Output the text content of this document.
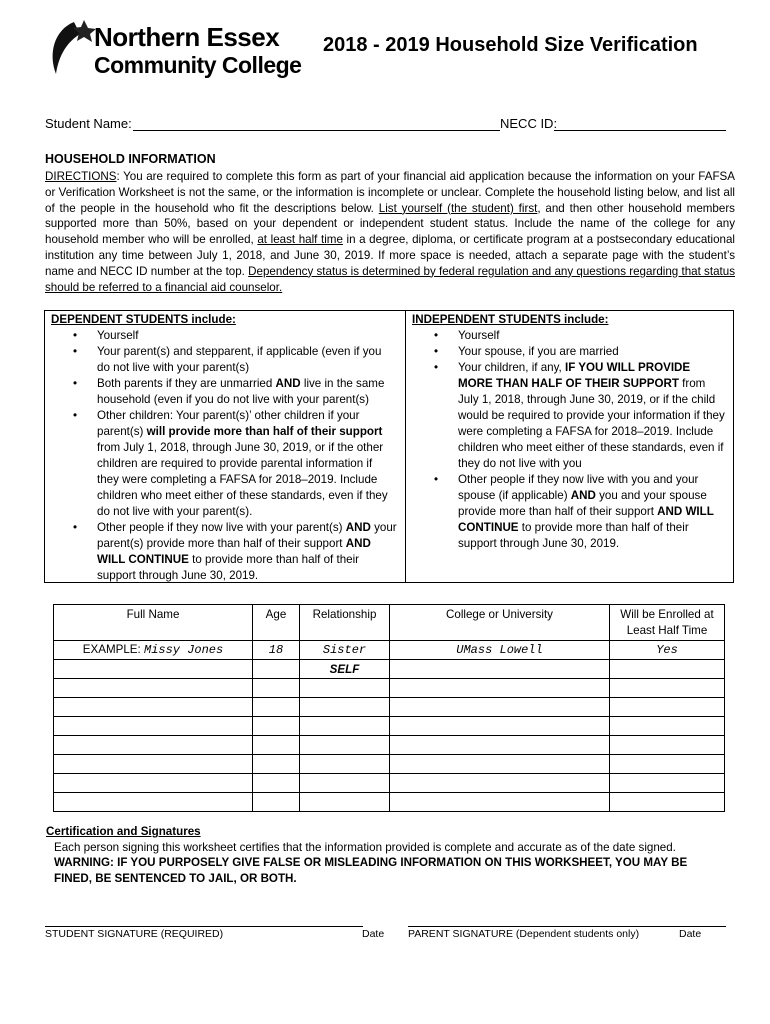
Northern Essex
Community College
2018 - 2019 Household Size Verification
Student Name:	NECC ID:
HOUSEHOLD INFORMATION
DIRECTIONS: You are required to complete this form as part of your financial aid application because the information on your FAFSA or Verification Worksheet is not the same, or the information is incomplete or unclear. Complete the household listing below, and list all of the people in the household who fit the descriptions below. List yourself (the student) first, and then other household members supported more than 50%, based on your dependent or independent student status. Include the name of the college for any household member who will be enrolled, at least half time in a degree, diploma, or certificate program at a postsecondary educational institution any time between July 1, 2018, and June 30, 2019. If more space is needed, attach a separate page with the student’s name and NECC ID number at the top. Dependency status is determined by federal regulation and any questions regarding that status should be referred to a financial aid counselor.
DEPENDENT STUDENTS include:
• Yourself
• Your parent(s) and stepparent, if applicable (even if you do not live with your parent(s)
• Both parents if they are unmarried AND live in the same household (even if you do not live with your parent(s)
• Other children: Your parent(s)’ other children if your parent(s) will provide more than half of their support from July 1, 2018, through June 30, 2019, or if the other children are required to provide parental information if they were completing a FAFSA for 2018–2019. Include children who meet either of these standards, even if they do not live with your parent(s).
• Other people if they now live with your parent(s) AND your parent(s) provide more than half of their support AND WILL CONTINUE to provide more than half of their support through June 30, 2019.
INDEPENDENT STUDENTS include:
• Yourself
• Your spouse, if you are married
• Your children, if any, IF YOU WILL PROVIDE MORE THAN HALF OF THEIR SUPPORT from July 1, 2018, through June 30, 2019, or if the child would be required to provide your information if they were completing a FAFSA for 2018–2019. Include children who meet either of these standards, even if they do not live with you
• Other people if they now live with you and your spouse (if applicable) AND you and your spouse provide more than half of their support AND WILL CONTINUE to provide more than half of their support through June 30, 2019.
Full Name	Age	Relationship	College or University	Will be Enrolled at Least Half Time
EXAMPLE: Missy Jones	18	Sister	UMass Lowell	Yes
		SELF		

Certification and Signatures
Each person signing this worksheet certifies that the information provided is complete and accurate as of the date signed.
WARNING: IF YOU PURPOSELY GIVE FALSE OR MISLEADING INFORMATION ON THIS WORKSHEET, YOU MAY BE FINED, BE SENTENCED TO JAIL, OR BOTH.
STUDENT SIGNATURE (REQUIRED)	Date PARENT SIGNATURE (Dependent students only)	Date
